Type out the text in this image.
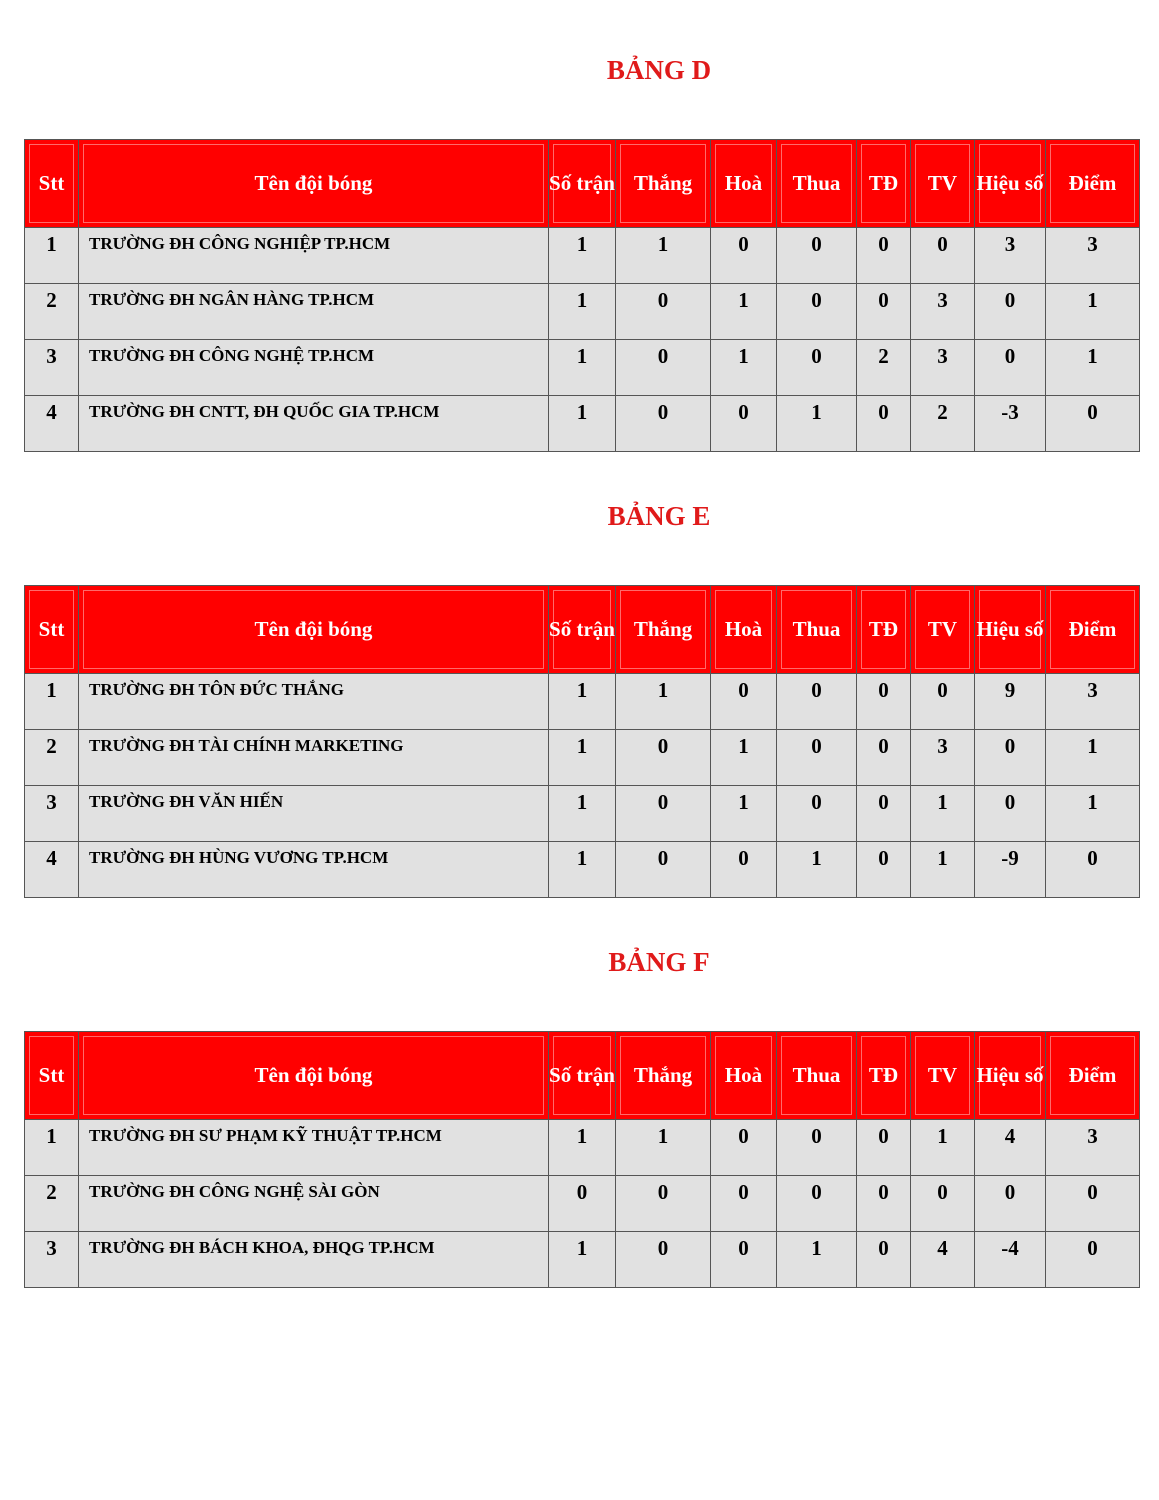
BẢNG D
Stt	Tên đội bóng	Số trận	Thắng	Hoà	Thua	TĐ	TV	Hiệu số	Điểm
1	TRƯỜNG ĐH CÔNG NGHIỆP TP.HCM	1	1	0	0	0	0	3	3
2	TRƯỜNG ĐH NGÂN HÀNG TP.HCM	1	0	1	0	0	3	0	1
3	TRƯỜNG ĐH CÔNG NGHỆ TP.HCM	1	0	1	0	2	3	0	1
4	TRƯỜNG ĐH CNTT, ĐH QUỐC GIA TP.HCM	1	0	0	1	0	2	-3	0
BẢNG E
Stt	Tên đội bóng	Số trận	Thắng	Hoà	Thua	TĐ	TV	Hiệu số	Điểm
1	TRƯỜNG ĐH TÔN ĐỨC THẮNG	1	1	0	0	0	0	9	3
2	TRƯỜNG ĐH TÀI CHÍNH MARKETING	1	0	1	0	0	3	0	1
3	TRƯỜNG ĐH VĂN HIẾN	1	0	1	0	0	1	0	1
4	TRƯỜNG ĐH HÙNG VƯƠNG TP.HCM	1	0	0	1	0	1	-9	0
BẢNG F
Stt	Tên đội bóng	Số trận	Thắng	Hoà	Thua	TĐ	TV	Hiệu số	Điểm
1	TRƯỜNG ĐH SƯ PHẠM KỸ THUẬT TP.HCM	1	1	0	0	0	1	4	3
2	TRƯỜNG ĐH CÔNG NGHỆ SÀI GÒN	0	0	0	0	0	0	0	0
3	TRƯỜNG ĐH BÁCH KHOA, ĐHQG TP.HCM	1	0	0	1	0	4	-4	0
